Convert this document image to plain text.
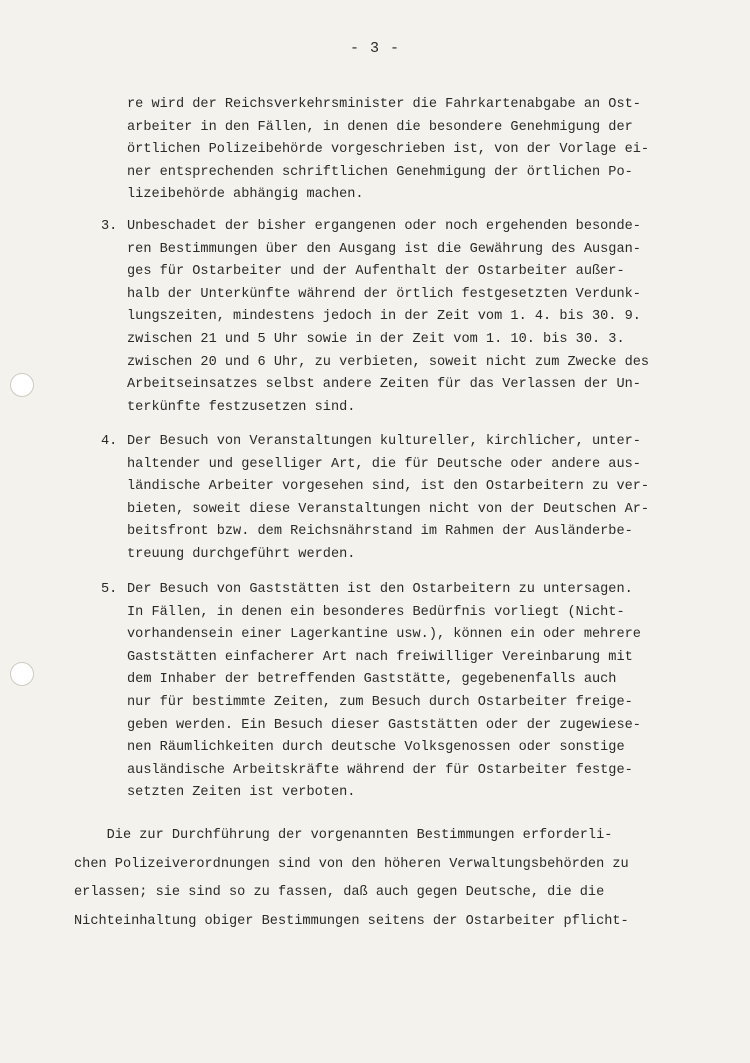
- 3 -
re wird der Reichsverkehrsminister die Fahrkartenabgabe an Ost-
arbeiter in den Fällen, in denen die besondere Genehmigung der
örtlichen Polizeibehörde vorgeschrieben ist, von der Vorlage ei-
ner entsprechenden schriftlichen Genehmigung der örtlichen Po-
lizeibehörde abhängig machen.
3. Unbeschadet der bisher ergangenen oder noch ergehenden besonde-
ren Bestimmungen über den Ausgang ist die Gewährung des Ausgan-
ges für Ostarbeiter und der Aufenthalt der Ostarbeiter außer-
halb der Unterkünfte während der örtlich festgesetzten Verdunk-
lungszeiten, mindestens jedoch in der Zeit vom 1. 4. bis 30. 9.
zwischen 21 und 5 Uhr sowie in der Zeit vom 1. 10. bis 30. 3.
zwischen 20 und 6 Uhr, zu verbieten, soweit nicht zum Zwecke des
Arbeitseinsatzes selbst andere Zeiten für das Verlassen der Un-
terkünfte festzusetzen sind.
4. Der Besuch von Veranstaltungen kultureller, kirchlicher, unter-
haltender und geselliger Art, die für Deutsche oder andere aus-
ländische Arbeiter vorgesehen sind, ist den Ostarbeitern zu ver-
bieten, soweit diese Veranstaltungen nicht von der Deutschen Ar-
beitsfront bzw. dem Reichsnährstand im Rahmen der Ausländerbe-
treuung durchgeführt werden.
5. Der Besuch von Gaststätten ist den Ostarbeitern zu untersagen.
In Fällen, in denen ein besonderes Bedürfnis vorliegt (Nicht-
vorhandensein einer Lagerkantine usw.), können ein oder mehrere
Gaststätten einfacherer Art nach freiwilliger Vereinbarung mit
dem Inhaber der betreffenden Gaststätte, gegebenenfalls auch
nur für bestimmte Zeiten, zum Besuch durch Ostarbeiter freige-
geben werden. Ein Besuch dieser Gaststätten oder der zugewiese-
nen Räumlichkeiten durch deutsche Volksgenossen oder sonstige
ausländische Arbeitskräfte während der für Ostarbeiter festge-
setzten Zeiten ist verboten.
Die zur Durchführung der vorgenannten Bestimmungen erforderli-
chen Polizeiverordnungen sind von den höheren Verwaltungsbehörden zu
erlassen; sie sind so zu fassen, daß auch gegen Deutsche, die die
Nichteinhaltung obiger Bestimmungen seitens der Ostarbeiter pflicht-
